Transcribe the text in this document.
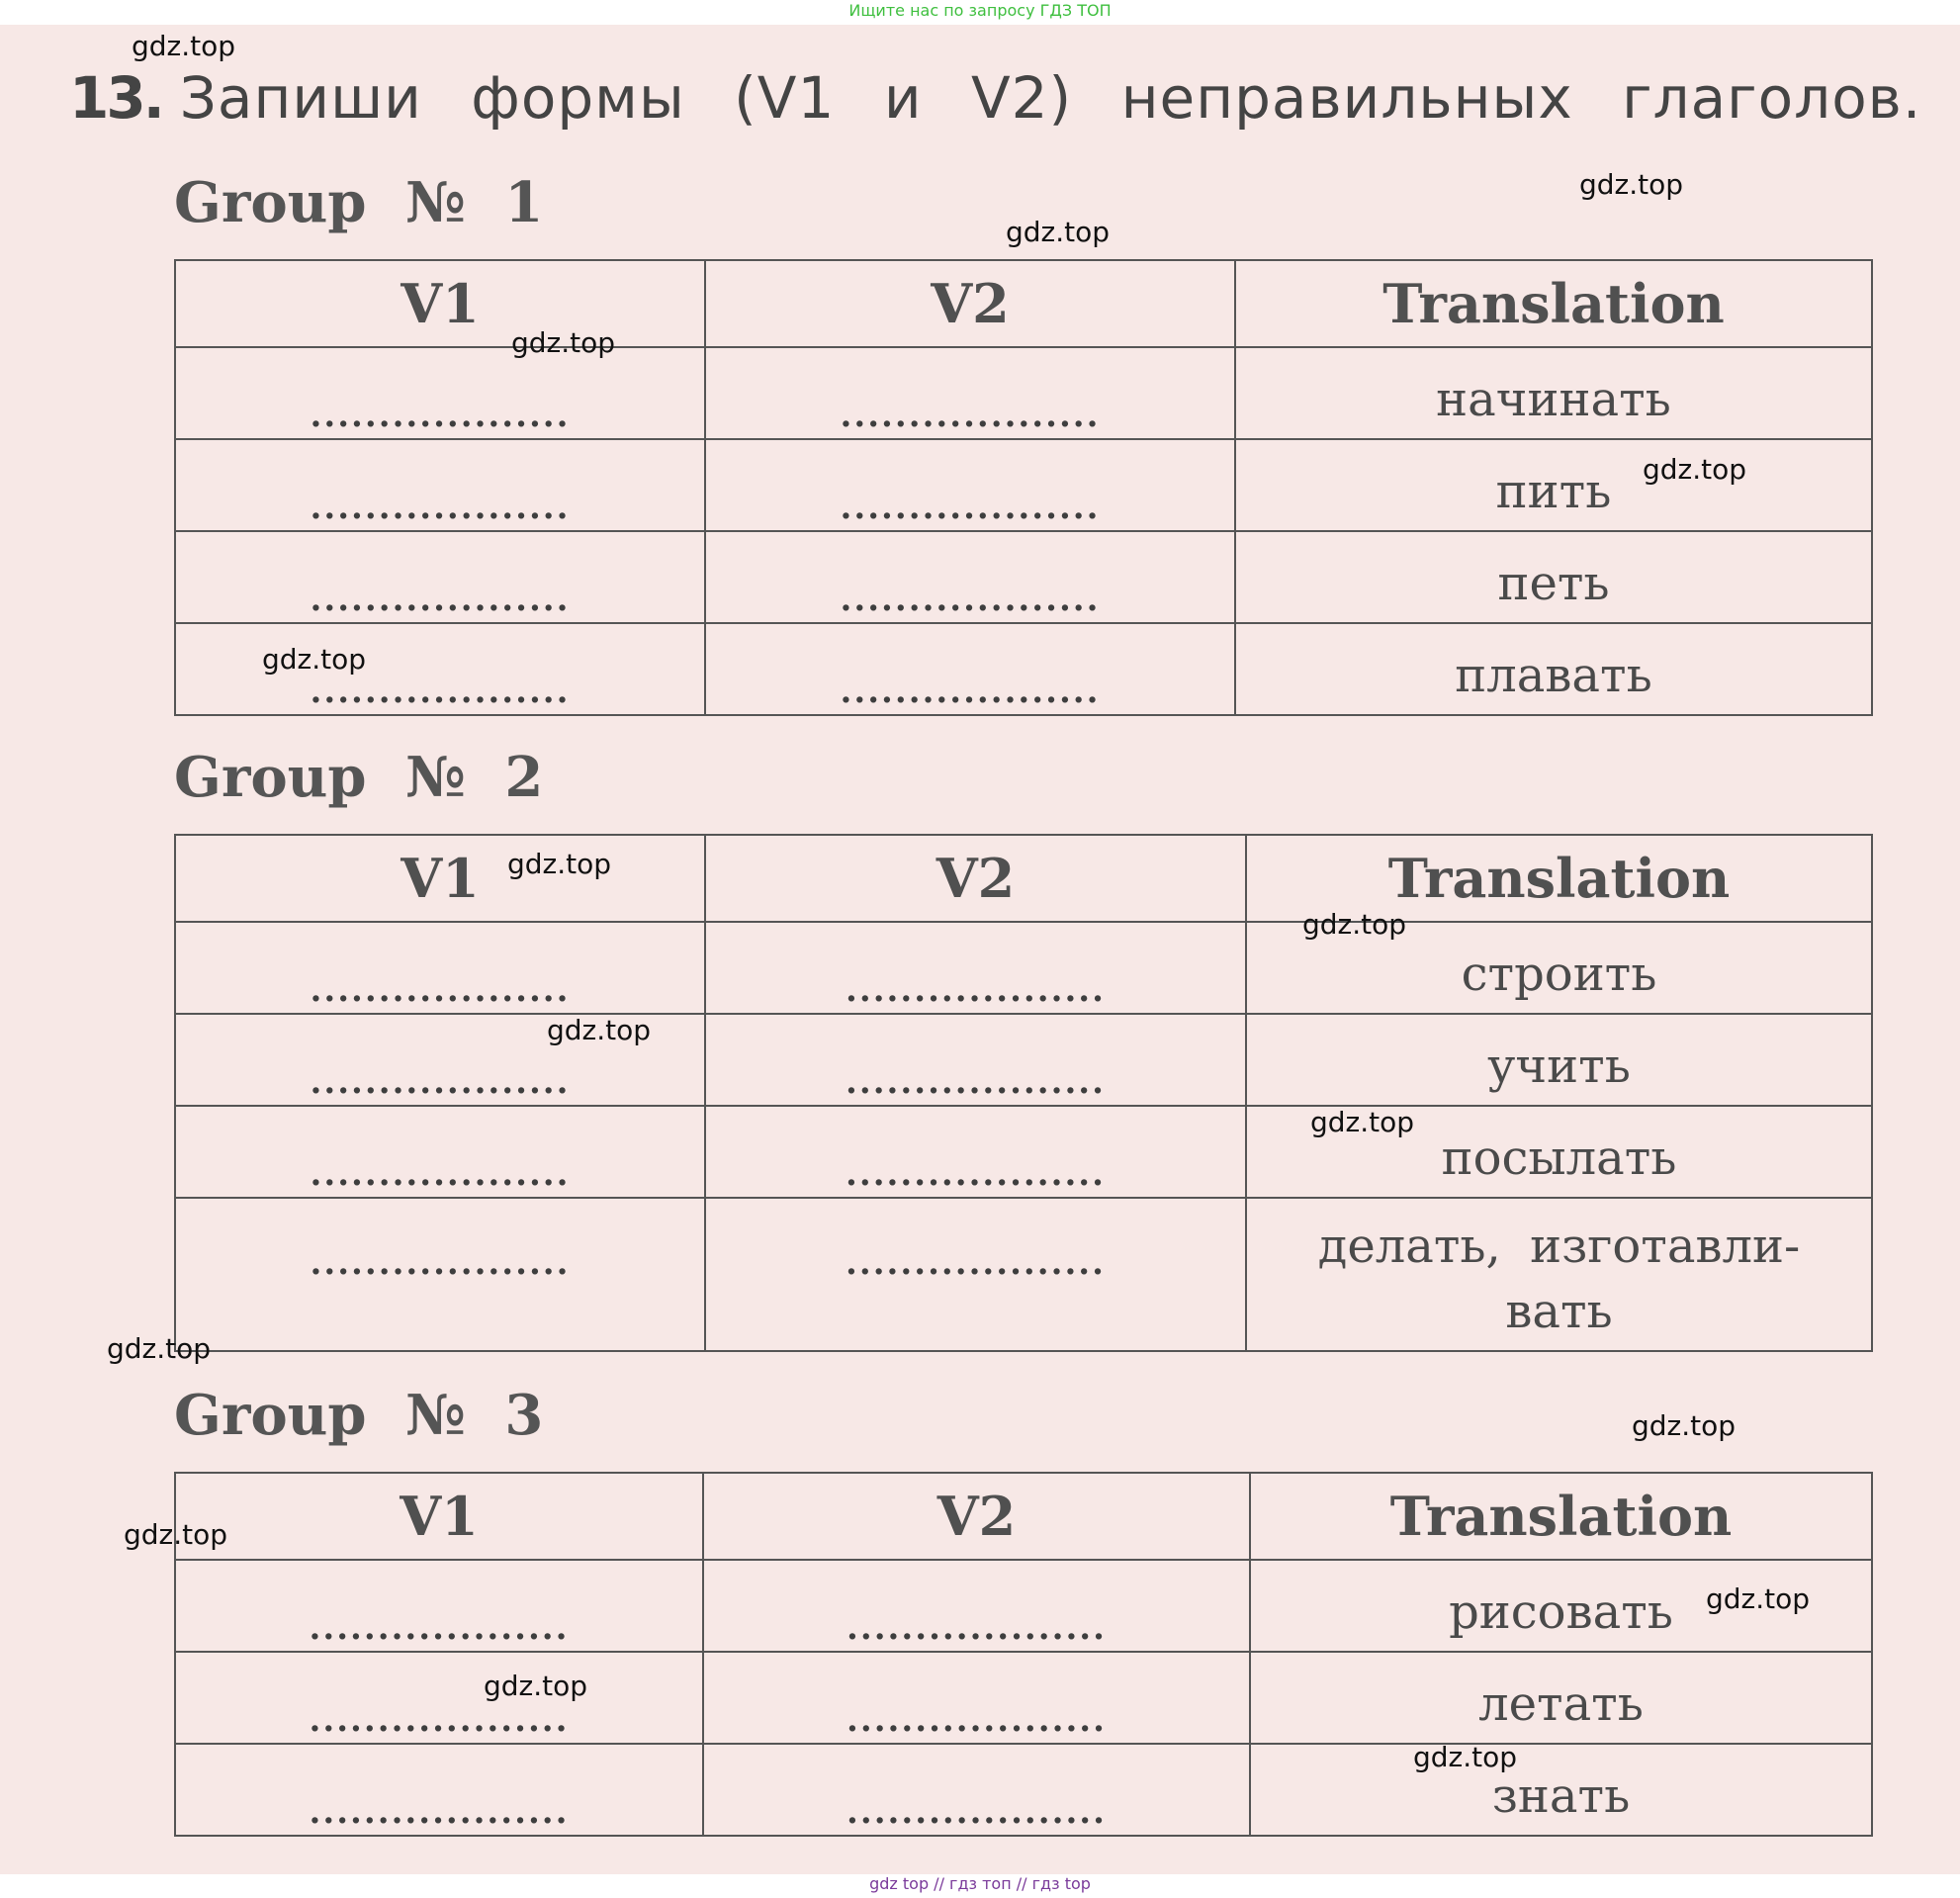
Ищите нас по запросу ГДЗ ТОП
13. Запиши формы (V1 и V2) неправильных глаголов.
Group № 1
V1	V2	Translation

...................	...................	начинать

...................	...................	пить

...................	...................	петь

...................	...................	плавать
Group № 2
V1	V2	Translation

...................	...................	строить

...................	...................	учить

...................	...................	посылать

...................	...................	делать, изготавли-вать
Group № 3
V1	V2	Translation

...................	...................	рисовать

...................	...................	летать

...................	...................	знать
gdz.top
gdz.top
gdz.top
gdz.top
gdz.top
gdz.top
gdz.top
gdz.top
gdz.top
gdz.top
gdz.top
gdz.top
gdz.top
gdz.top
gdz.top
gdz.top
gdz top // гдз топ // гдз top
